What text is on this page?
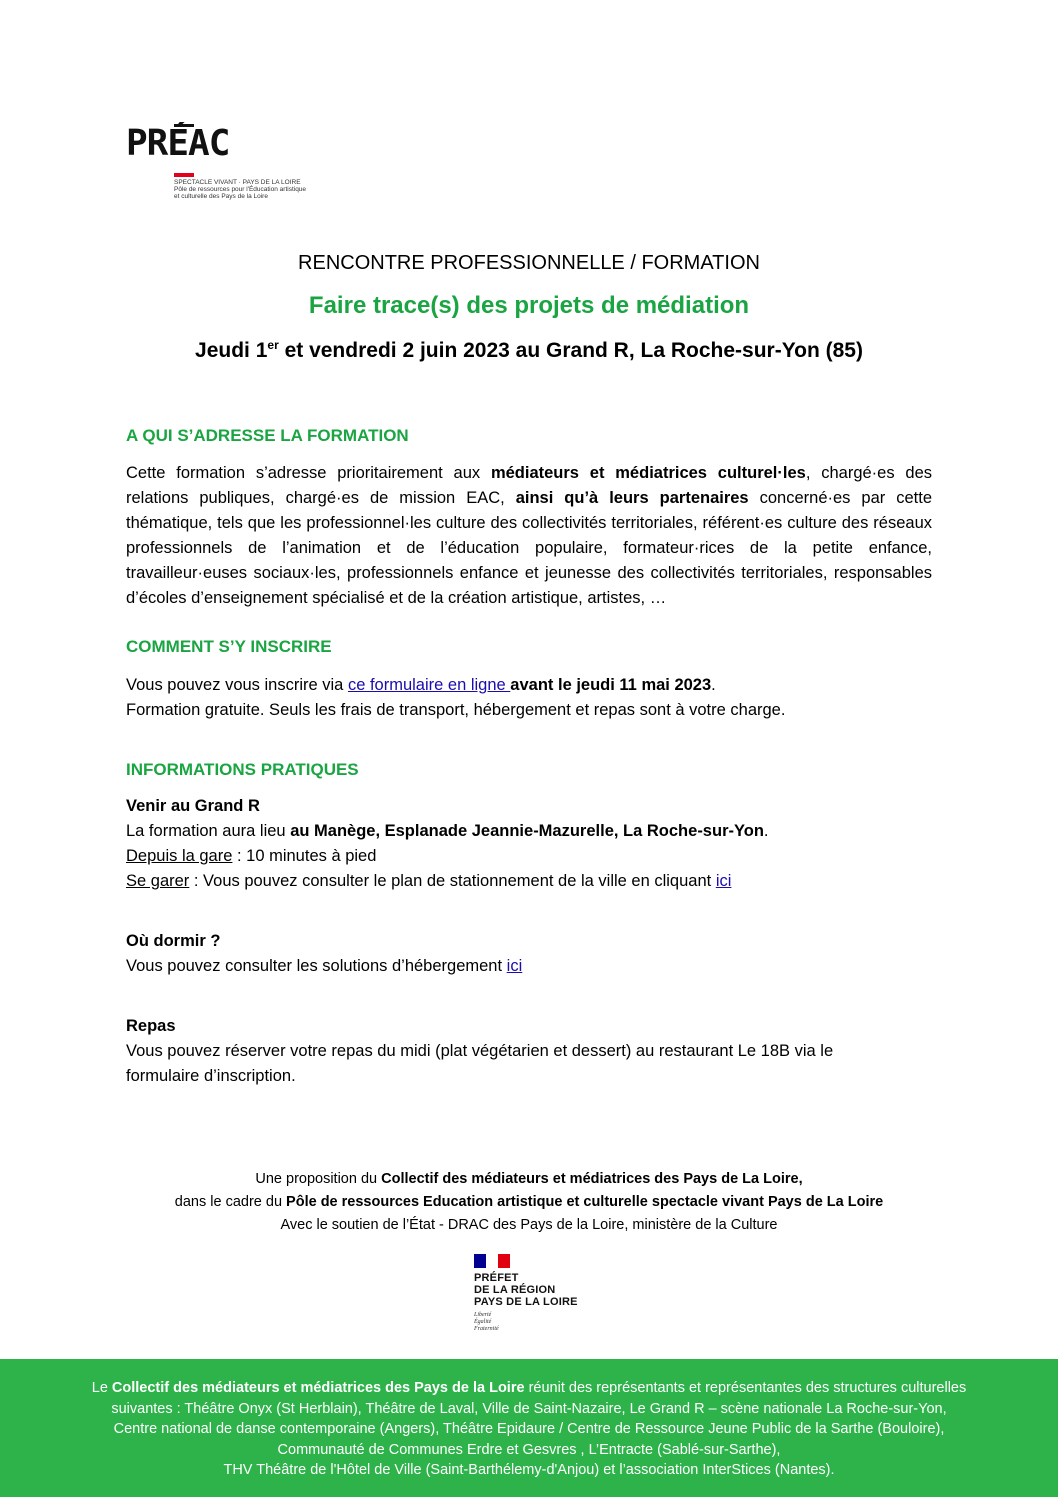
PRÉAC
SPECTACLE VIVANT · PAYS DE LA LOIRE
Pôle de ressources pour l'Éducation artistique
et culturelle des Pays de la Loire
RENCONTRE PROFESSIONNELLE / FORMATION
Faire trace(s) des projets de médiation
Jeudi 1er et vendredi 2 juin 2023 au Grand R, La Roche-sur-Yon (85)
A QUI S’ADRESSE LA FORMATION
Cette formation s’adresse prioritairement aux médiateurs et médiatrices culturel·les, chargé·es des relations publiques, chargé·es de mission EAC, ainsi qu’à leurs partenaires concerné·es par cette thématique, tels que les professionnel·les culture des collectivités territoriales, référent·es culture des réseaux professionnels de l’animation et de l’éducation populaire, formateur·rices de la petite enfance, travailleur·euses sociaux·les, professionnels enfance et jeunesse des collectivités territoriales, responsables d’écoles d’enseignement spécialisé et de la création artistique, artistes, …
COMMENT S’Y INSCRIRE
Vous pouvez vous inscrire via ce formulaire en ligne avant le jeudi 11 mai 2023.
Formation gratuite. Seuls les frais de transport, hébergement et repas sont à votre charge.
INFORMATIONS PRATIQUES
Venir au Grand R
La formation aura lieu au Manège, Esplanade Jeannie-Mazurelle, La Roche-sur-Yon.
Depuis la gare : 10 minutes à pied
Se garer : Vous pouvez consulter le plan de stationnement de la ville en cliquant ici
Où dormir ?
Vous pouvez consulter les solutions d’hébergement ici
Repas
Vous pouvez réserver votre repas du midi (plat végétarien et dessert) au restaurant Le 18B via le formulaire d’inscription.
Une proposition du Collectif des médiateurs et médiatrices des Pays de La Loire,
dans le cadre du Pôle de ressources Education artistique et culturelle spectacle vivant Pays de La Loire
Avec le soutien de l’État - DRAC des Pays de la Loire, ministère de la Culture
PRÉFET
DE LA RÉGION
PAYS DE LA LOIRE
Liberté
Égalité
Fraternité
Le Collectif des médiateurs et médiatrices des Pays de la Loire réunit des représentants et représentantes des structures culturelles
suivantes : Théâtre Onyx (St Herblain), Théâtre de Laval, Ville de Saint-Nazaire, Le Grand R – scène nationale La Roche-sur-Yon,
Centre national de danse contemporaine (Angers), Théâtre Epidaure / Centre de Ressource Jeune Public de la Sarthe (Bouloire),
Communauté de Communes Erdre et Gesvres , L’Entracte (Sablé-sur-Sarthe),
THV Théâtre de l'Hôtel de Ville (Saint-Barthélemy-d'Anjou) et l’association InterStices (Nantes).
